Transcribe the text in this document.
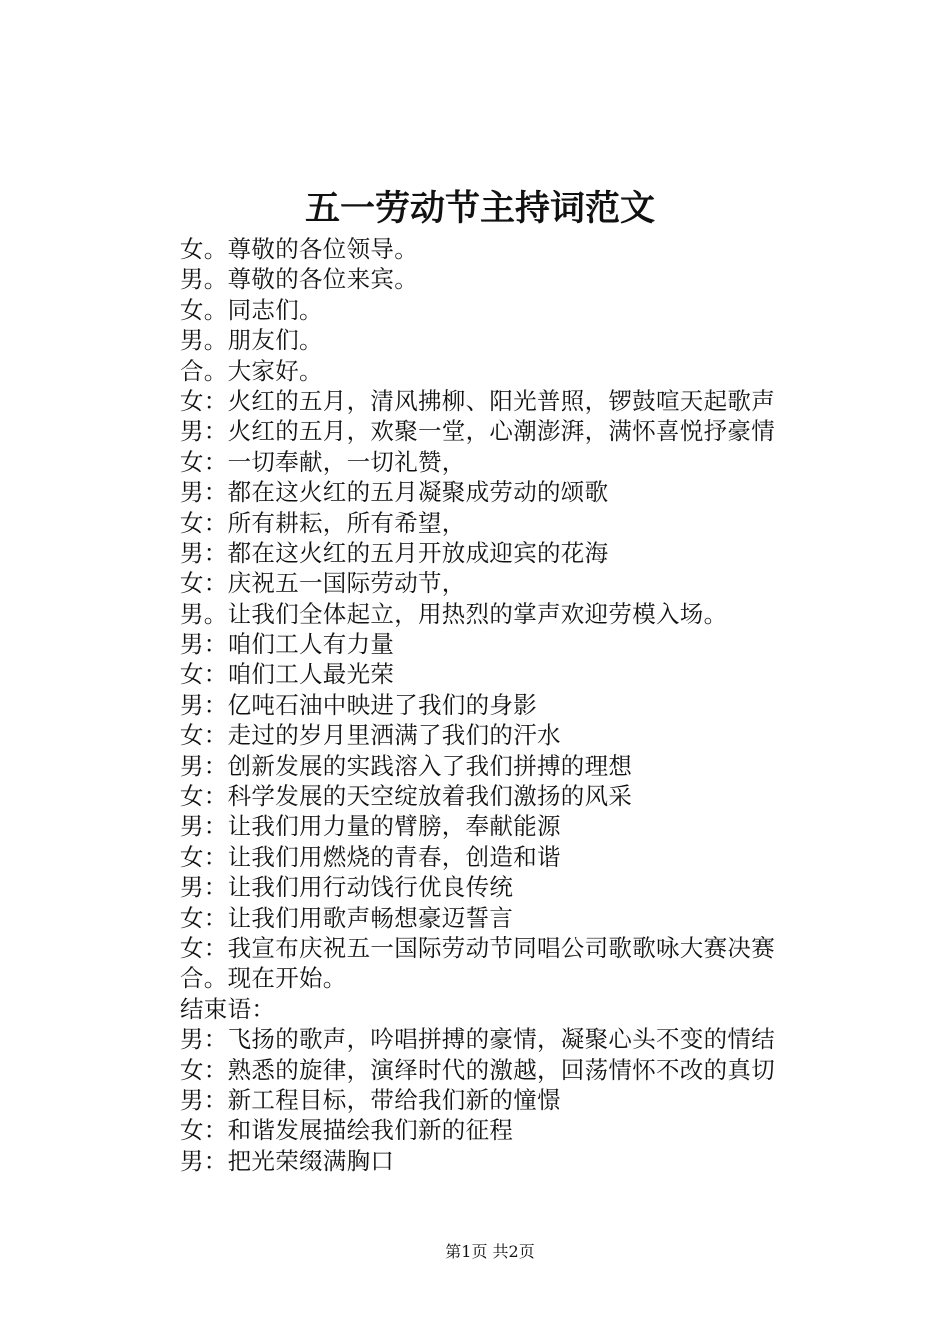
五一劳动节主持词范文
女。尊敬的各位领导。
男。尊敬的各位来宾。
女。同志们。
男。朋友们。
合。大家好。
女：火红的五月，清风拂柳、阳光普照，锣鼓喧天起歌声
男：火红的五月，欢聚一堂，心潮澎湃，满怀喜悦抒豪情
女：一切奉献，一切礼赞，
男：都在这火红的五月凝聚成劳动的颂歌
女：所有耕耘，所有希望，
男：都在这火红的五月开放成迎宾的花海
女：庆祝五一国际劳动节，
男。让我们全体起立，用热烈的掌声欢迎劳模入场。
男：咱们工人有力量
女：咱们工人最光荣
男：亿吨石油中映进了我们的身影
女：走过的岁月里洒满了我们的汗水
男：创新发展的实践溶入了我们拼搏的理想
女：科学发展的天空绽放着我们激扬的风采
男：让我们用力量的臂膀，奉献能源
女：让我们用燃烧的青春，创造和谐
男：让我们用行动饯行优良传统
女：让我们用歌声畅想豪迈誓言
女：我宣布庆祝五一国际劳动节同唱公司歌歌咏大赛决赛
合。现在开始。
结束语：
男：飞扬的歌声，吟唱拼搏的豪情，凝聚心头不变的情结
女：熟悉的旋律，演绎时代的激越，回荡情怀不改的真切
男：新工程目标，带给我们新的憧憬
女：和谐发展描绘我们新的征程
男：把光荣缀满胸口
第1页 共2页
